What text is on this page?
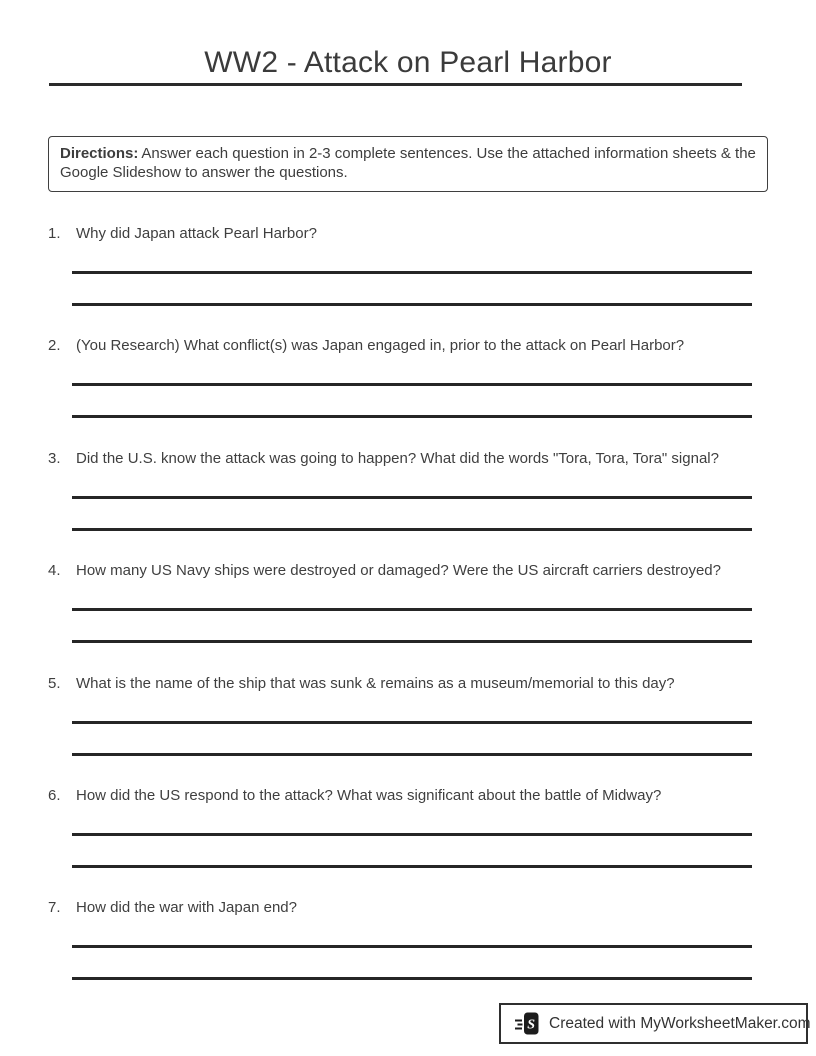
WW2 - Attack on Pearl Harbor
Directions: Answer each question in 2-3 complete sentences. Use the attached information sheets & the Google Slideshow to answer the questions.
1.	Why did Japan attack Pearl Harbor?
2.	(You Research) What conflict(s) was Japan engaged in, prior to the attack on Pearl Harbor?
3.	Did the U.S. know the attack was going to happen? What did the words "Tora, Tora, Tora" signal?
4.	How many US Navy ships were destroyed or damaged? Were the US aircraft carriers destroyed?
5.	What is the name of the ship that was sunk & remains as a museum/memorial to this day?
6.	How did the US respond to the attack? What was significant about the battle of Midway?
7.	How did the war with Japan end?
S Created with MyWorksheetMaker.com
